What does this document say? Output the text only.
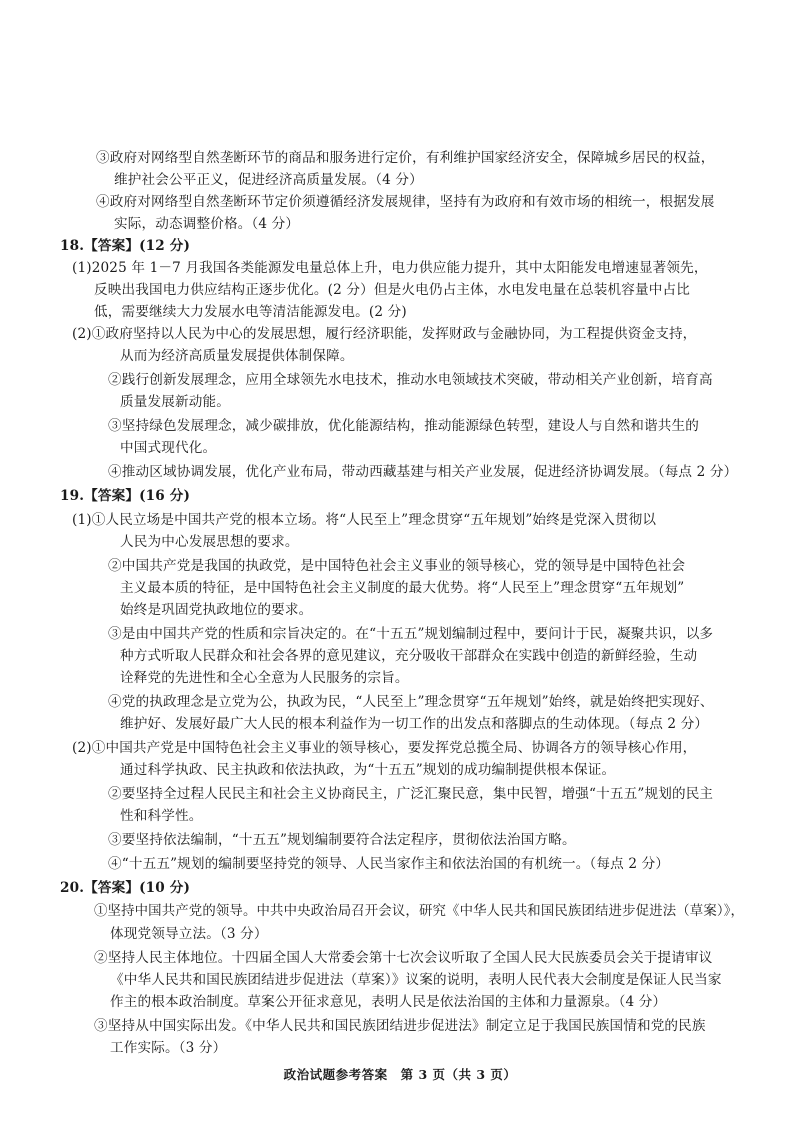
③政府对网络型自然垄断环节的商品和服务进行定价，有利维护国家经济安全，保障城乡居民的权益，
维护社会公平正义，促进经济高质量发展。（4 分）
④政府对网络型自然垄断环节定价须遵循经济发展规律，坚持有为政府和有效市场的相统一，根据发展
实际，动态调整价格。（4 分）
18.【答案】(12 分)
(1)2025 年 1－7 月我国各类能源发电量总体上升，电力供应能力提升，其中太阳能发电增速显著领先，
反映出我国电力供应结构正逐步优化。(2 分）但是火电仍占主体，水电发电量在总装机容量中占比
低，需要继续大力发展水电等清洁能源发电。(2 分)
(2)①政府坚持以人民为中心的发展思想，履行经济职能，发挥财政与金融协同，为工程提供资金支持，
从而为经济高质量发展提供体制保障。
②践行创新发展理念，应用全球领先水电技术，推动水电领域技术突破，带动相关产业创新，培育高
质量发展新动能。
③坚持绿色发展理念，减少碳排放，优化能源结构，推动能源绿色转型，建设人与自然和谐共生的
中国式现代化。
④推动区域协调发展，优化产业布局，带动西藏基建与相关产业发展，促进经济协调发展。（每点 2 分）
19.【答案】(16 分)
(1)①人民立场是中国共产党的根本立场。将“人民至上”理念贯穿“五年规划”始终是党深入贯彻以
人民为中心发展思想的要求。
②中国共产党是我国的执政党，是中国特色社会主义事业的领导核心，党的领导是中国特色社会
主义最本质的特征，是中国特色社会主义制度的最大优势。将“人民至上”理念贯穿“五年规划”
始终是巩固党执政地位的要求。
③是由中国共产党的性质和宗旨决定的。在“十五五”规划编制过程中，要问计于民，凝聚共识，以多
种方式听取人民群众和社会各界的意见建议，充分吸收干部群众在实践中创造的新鲜经验，生动
诠释党的先进性和全心全意为人民服务的宗旨。
④党的执政理念是立党为公，执政为民，“人民至上”理念贯穿“五年规划”始终，就是始终把实现好、
维护好、发展好最广大人民的根本利益作为一切工作的出发点和落脚点的生动体现。（每点 2 分）
(2)①中国共产党是中国特色社会主义事业的领导核心，要发挥党总揽全局、协调各方的领导核心作用，
通过科学执政、民主执政和依法执政，为“十五五”规划的成功编制提供根本保证。
②要坚持全过程人民民主和社会主义协商民主，广泛汇聚民意，集中民智，增强“十五五”规划的民主
性和科学性。
③要坚持依法编制，“十五五”规划编制要符合法定程序，贯彻依法治国方略。
④“十五五”规划的编制要坚持党的领导、人民当家作主和依法治国的有机统一。（每点 2 分）
20.【答案】(10 分)
①坚持中国共产党的领导。中共中央政治局召开会议，研究《中华人民共和国民族团结进步促进法（草案）》，
体现党领导立法。（3 分）
②坚持人民主体地位。十四届全国人大常委会第十七次会议听取了全国人民大民族委员会关于提请审议
《中华人民共和国民族团结进步促进法（草案）》议案的说明，表明人民代表大会制度是保证人民当家
作主的根本政治制度。草案公开征求意见，表明人民是依法治国的主体和力量源泉。（4 分）
③坚持从中国实际出发。《中华人民共和国民族团结进步促进法》制定立足于我国民族国情和党的民族
工作实际。（3 分）
政治试题参考答案　第 3 页（共 3 页）
